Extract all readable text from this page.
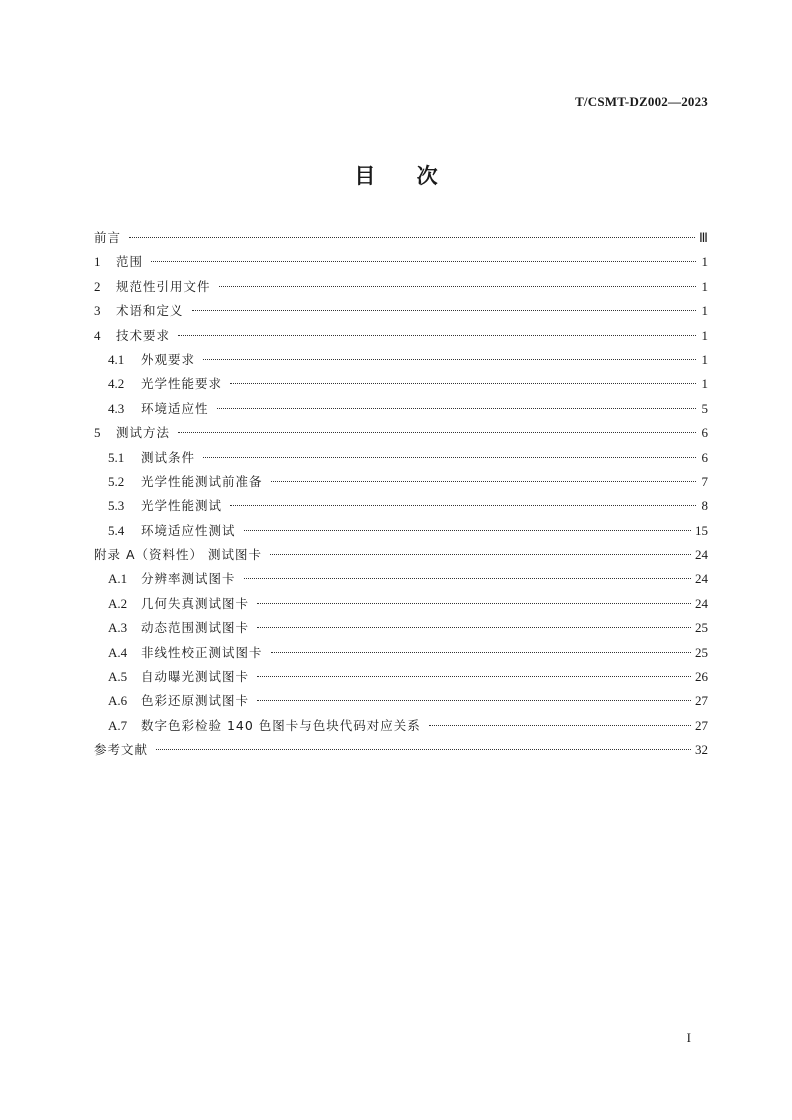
T/CSMT-DZ002—2023
目 次
前言	Ⅲ
1	范围	1
2	规范性引用文件	1
3	术语和定义	1
4	技术要求	1
4.1	外观要求	1
4.2	光学性能要求	1
4.3	环境适应性	5
5	测试方法	6
5.1	测试条件	6
5.2	光学性能测试前准备	7
5.3	光学性能测试	8
5.4	环境适应性测试	15
附录 A（资料性） 测试图卡	24
A.1	分辨率测试图卡	24
A.2	几何失真测试图卡	24
A.3	动态范围测试图卡	25
A.4	非线性校正测试图卡	25
A.5	自动曝光测试图卡	26
A.6	色彩还原测试图卡	27
A.7	数字色彩检验 140 色图卡与色块代码对应关系	27
参考文献	32
I
